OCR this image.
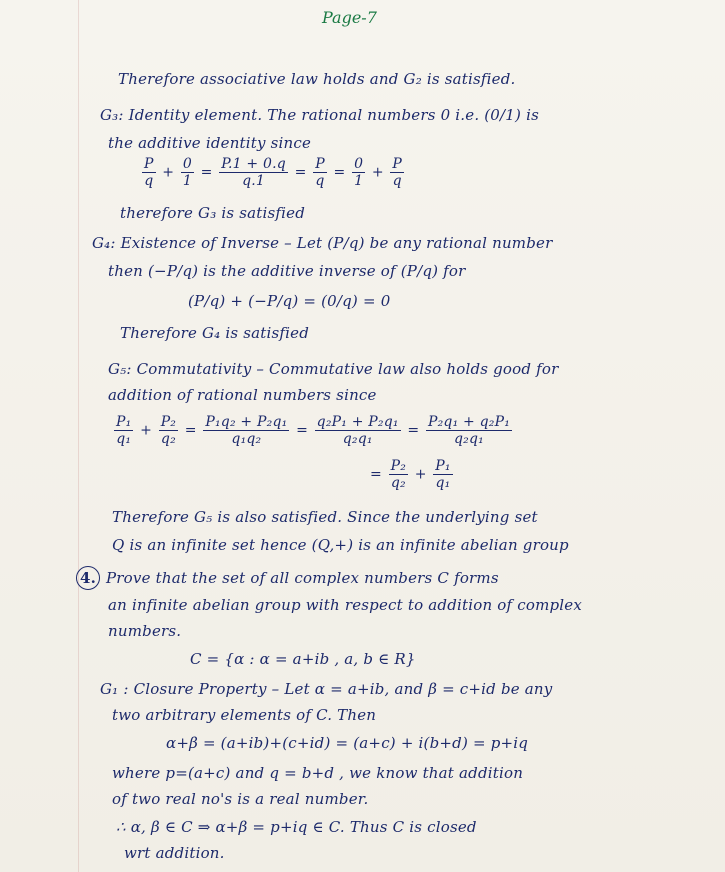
Page-7
Therefore associative law holds and G₂ is satisfied.
G₃: Identity element. The rational numbers 0 i.e. (0/1) is
the additive identity since
$\frac{P}{q} + \frac{0}{1} = \frac{P.1 + 0.q}{q.1} = \frac{P}{q} = \frac{0}{1} + \frac{P}{q}$
therefore G₃ is satisfied
G₄: Existence of Inverse – Let (P/q) be any rational number
then (−P/q) is the additive inverse of (P/q) for
(P/q) + (−P/q) = (0/q) = 0
Therefore G₄ is satisfied
G₅: Commutativity – Commutative law also holds good for
addition of rational numbers since
$\frac{\text{P₁}}{\text{q₁}} + \frac{\text{P₂}}{\text{q₂}} = \frac{\text{P₁q₂ + P₂q₁}}{\text{q₁q₂}} = \frac{\text{q₂P₁ + P₂q₁}}{\text{q₂q₁}} = \frac{\text{P₂q₁ + q₂P₁}}{\text{q₂q₁}}$
= $\frac{\text{P₂}}{\text{q₂}} + \frac{\text{P₁}}{\text{q₁}}$
Therefore G₅ is also satisfied. Since the underlying set
Q is an infinite set hence (Q,+) is an infinite abelian group
4. Prove that the set of all complex numbers C forms
an infinite abelian group with respect to addition of complex
numbers.
C = {α : α = a+ib , a, b ∈ R}
G₁ : Closure Property – Let α = a+ib, and β = c+id be any
two arbitrary elements of C. Then
α+β = (a+ib)+(c+id) = (a+c) + i(b+d) = p+iq
where p=(a+c) and q = b+d , we know that addition
of two real no's is a real number.
∴ α, β ∈ C ⇒ α+β = p+iq ∈ C. Thus C is closed
wrt addition.
